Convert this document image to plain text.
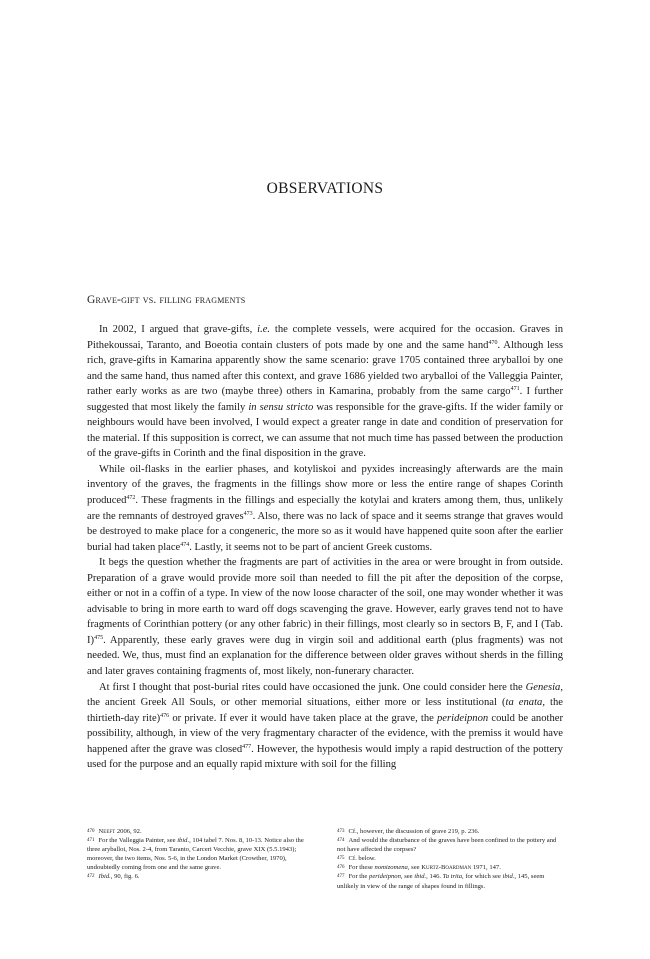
OBSERVATIONS
Grave-gift vs. filling fragments

In 2002, I argued that grave-gifts, i.e. the complete vessels, were acquired for the occasion. Graves in Pithekoussai, Taranto, and Boeotia contain clusters of pots made by one and the same hand$^{470}$. Although less rich, grave-gifts in Kamarina apparently show the same scenario: grave 1705 contained three aryballoi by one and the same hand, thus named after this context, and grave 1686 yielded two aryballoi of the Valleggia Painter, rather early works as are two (maybe three) others in Kamarina, probably from the same cargo$^{471}$. I further suggested that most likely the family in sensu stricto was responsible for the grave-gifts. If the wider family or neighbours would have been involved, I would expect a greater range in date and condition of preservation for the material. If this supposition is correct, we can assume that not much time has passed between the production of the grave-gifts in Corinth and the final disposition in the grave.

While oil-flasks in the earlier phases, and kotyliskoi and pyxides increasingly afterwards are the main inventory of the graves, the fragments in the fillings show more or less the entire range of shapes Corinth produced$^{472}$. These fragments in the fillings and especially the kotylai and kraters among them, thus, unlikely are the remnants of destroyed graves$^{473}$. Also, there was no lack of space and it seems strange that graves would be destroyed to make place for a congeneric, the more so as it would have happened quite soon after the earlier burial had taken place$^{474}$. Lastly, it seems not to be part of ancient Greek customs.

It begs the question whether the fragments are part of activities in the area or were brought in from outside. Preparation of a grave would provide more soil than needed to fill the pit after the deposition of the corpse, either or not in a coffin of a type. In view of the now loose character of the soil, one may wonder whether it was advisable to bring in more earth to ward off dogs scavenging the grave. However, early graves tend not to have fragments of Corinthian pottery (or any other fabric) in their fillings, most clearly so in sectors B, F, and I (Tab. I)$^{475}$. Apparently, these early graves were dug in virgin soil and additional earth (plus fragments) was not needed. We, thus, must find an explanation for the difference between older graves without sherds in the filling and later graves containing fragments of, most likely, non-funerary character.

At first I thought that post-burial rites could have occasioned the junk. One could consider here the Genesia, the ancient Greek All Souls, or other memorial situations, either more or less institutional (ta enata, the thirtieth-day rite)$^{476}$ or private. If ever it would have taken place at the grave, the perideipnon could be another possibility, although, in view of the very fragmentary character of the evidence, with the premiss it would have happened after the grave was closed$^{477}$. However, the hypothesis would imply a rapid destruction of the pottery used for the purpose and an equally rapid mixture with soil for the filling

470 Neeft 2006, 92.

471 For the Valleggia Painter, see ibid., 104 tabel 7. Nos. 8, 10-13. Notice also the three aryballoi, Nos. 2-4, from Taranto, Carceri Vecchie, grave XIX (5.5.1943); moreover, the two items, Nos. 5-6, in the London Market (Crowther, 1970), undoubtedly coming from one and the same grave.

472 Ibid., 90, fig. 6.

473 Cf., however, the discussion of grave 219, p. 236.

474 And would the disturbance of the graves have been confined to the pottery and not have affected the corpses?

475 Cf. below.

476 For these nomizomena, see Kurtz-Boardman 1971, 147.

477 For the perideipnon, see ibid., 146. Ta trita, for which see ibid., 145, seem unlikely in view of the range of shapes found in fillings.
